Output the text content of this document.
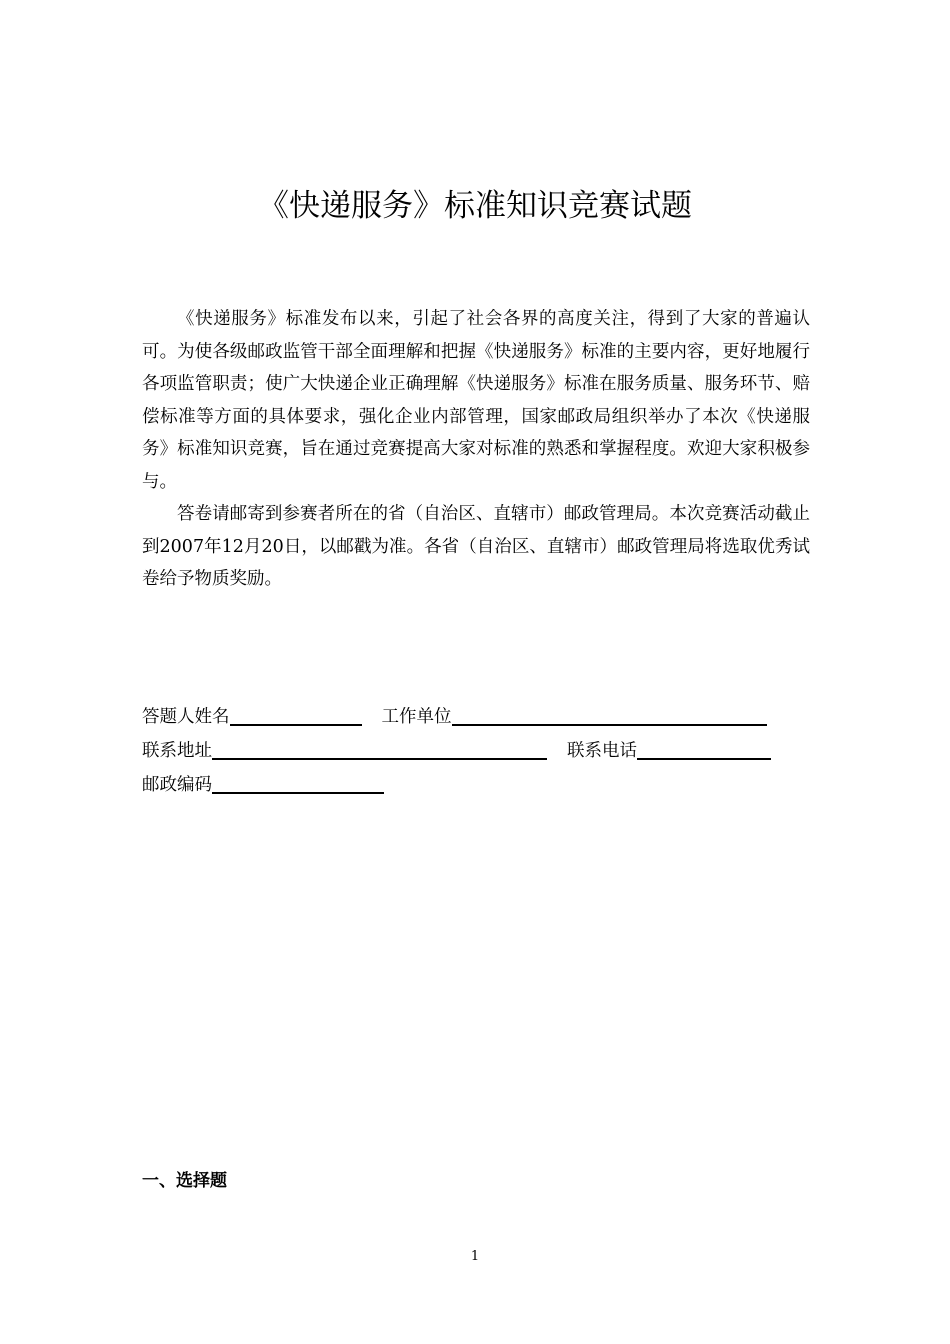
《快递服务》标准知识竞赛试题

《快递服务》标准发布以来，引起了社会各界的高度关注，得到了大家的普遍认可。为使各级邮政监管干部全面理解和把握《快递服务》标准的主要内容，更好地履行各项监管职责；使广大快递企业正确理解《快递服务》标准在服务质量、服务环节、赔偿标准等方面的具体要求，强化企业内部管理，国家邮政局组织举办了本次《快递服务》标准知识竞赛，旨在通过竞赛提高大家对标准的熟悉和掌握程度。欢迎大家积极参与。

答卷请邮寄到参赛者所在的省（自治区、直辖市）邮政管理局。本次竞赛活动截止到2007年12月20日，以邮戳为准。各省（自治区、直辖市）邮政管理局将选取优秀试卷给予物质奖励。

答题人姓名	工作单位
联系地址	联系电话
邮政编码
一、选择题
1
